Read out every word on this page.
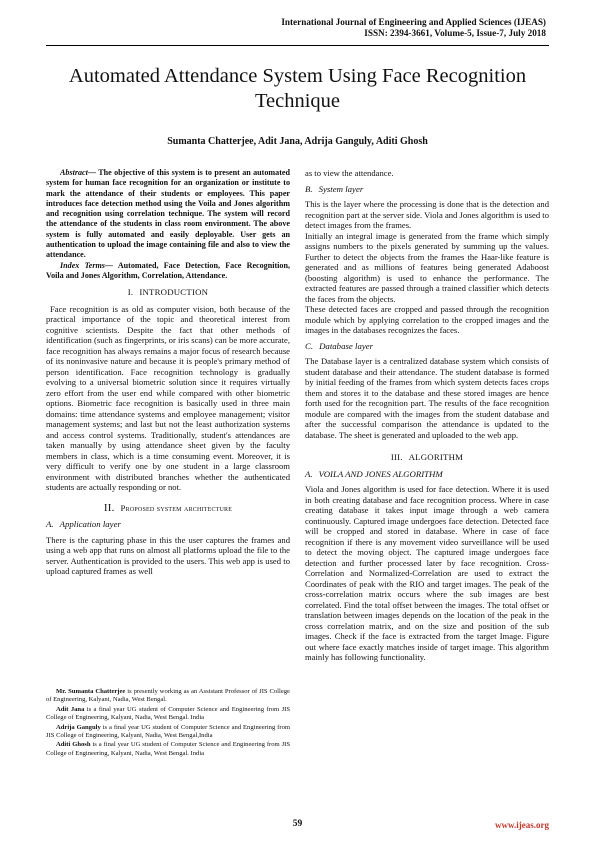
International Journal of Engineering and Applied Sciences (IJEAS)
ISSN: 2394-3661, Volume-5, Issue-7, July 2018
Automated Attendance System Using Face Recognition Technique
Sumanta Chatterjee, Adit Jana, Adrija Ganguly, Aditi Ghosh

Abstract— The objective of this system is to present an automated system for human face recognition for an organization or institute to mark the attendance of their students or employees. This paper introduces face detection method using the Voila and Jones algorithm and recognition using correlation technique. The system will record the attendance of the students in class room environment. The above system is fully automated and easily deployable. User gets an authentication to upload the image containing file and also to view the attendance.

Index Terms— Automated, Face Detection, Face Recognition, Voila and Jones Algorithm, Correlation, Attendance.

I. INTRODUCTION

Face recognition is as old as computer vision, both because of the practical importance of the topic and theoretical interest from cognitive scientists. Despite the fact that other methods of identification (such as fingerprints, or iris scans) can be more accurate, face recognition has always remains a major focus of research because of its noninvasive nature and because it is people's primary method of person identification. Face recognition technology is gradually evolving to a universal biometric solution since it requires virtually zero effort from the user end while compared with other biometric options. Biometric face recognition is basically used in three main domains: time attendance systems and employee management; visitor management systems; and last but not the least authorization systems and access control systems. Traditionally, student's attendances are taken manually by using attendance sheet given by the faculty members in class, which is a time consuming event. Moreover, it is very difficult to verify one by one student in a large classroom environment with distributed branches whether the authenticated students are actually responding or not.

II. Proposed system architecture
A. Application layer

There is the capturing phase in this the user captures the frames and using a web app that runs on almost all platforms upload the file to the server. Authentication is provided to the users. This web app is used to upload captured frames as well

as to view the attendance.

B. System layer

This is the layer where the processing is done that is the detection and recognition part at the server side. Viola and Jones algorithm is used to detect images from the frames.

Initially an integral image is generated from the frame which simply assigns numbers to the pixels generated by summing up the values. Further to detect the objects from the frames the Haar-like feature is generated and as millions of features being generated Adaboost (boosting algorithm) is used to enhance the performance. The extracted features are passed through a trained classifier which detects the faces from the objects.

These detected faces are cropped and passed through the recognition module which by applying correlation to the cropped images and the images in the databases recognizes the faces.

C. Database layer

The Database layer is a centralized database system which consists of student database and their attendance. The student database is formed by initial feeding of the frames from which system detects faces crops them and stores it to the database and these stored images are hence forth used for the recognition part. The results of the face recognition module are compared with the images from the student database and after the successful comparison the attendance is updated to the database. The sheet is generated and uploaded to the web app.

III. ALGORITHM
A. VOILA AND JONES ALGORITHM

Viola and Jones algorithm is used for face detection. Where it is used in both creating database and face recognition process. Where in case creating database it takes input image through a web camera continuously. Captured image undergoes face detection. Detected face will be cropped and stored in database. Where in case of face recognition if there is any movement video surveillance will be used to detect the moving object. The captured image undergoes face detection and further processed later by face recognition. Cross-Correlation and Normalized-Correlation are used to extract the Coordinates of peak with the RIO and target images. The peak of the cross-correlation matrix occurs where the sub images are best correlated. Find the total offset between the images. The total offset or translation between images depends on the location of the peak in the cross correlation matrix, and on the size and position of the sub images. Check if the face is extracted from the target Image. Figure out where face exactly matches inside of target image. This algorithm mainly has following functionality.

Mr. Sumanta Chatterjee is presently working as an Assistant Professor of JIS College of Engineering, Kalyani, Nadia, West Bengal.

Adit Jana is a final year UG student of Computer Science and Engineering from JIS College of Engineering, Kalyani, Nadia, West Bengal. India

Adrija Ganguly is a final year UG student of Computer Science and Engineering from JIS College of Engineering, Kalyani, Nadia, West Bengal,India

Aditi Ghosh is a final year UG student of Computer Science and Engineering from JIS College of Engineering, Kalyani, Nadia, West Bengal. India

59	www.ijeas.org
